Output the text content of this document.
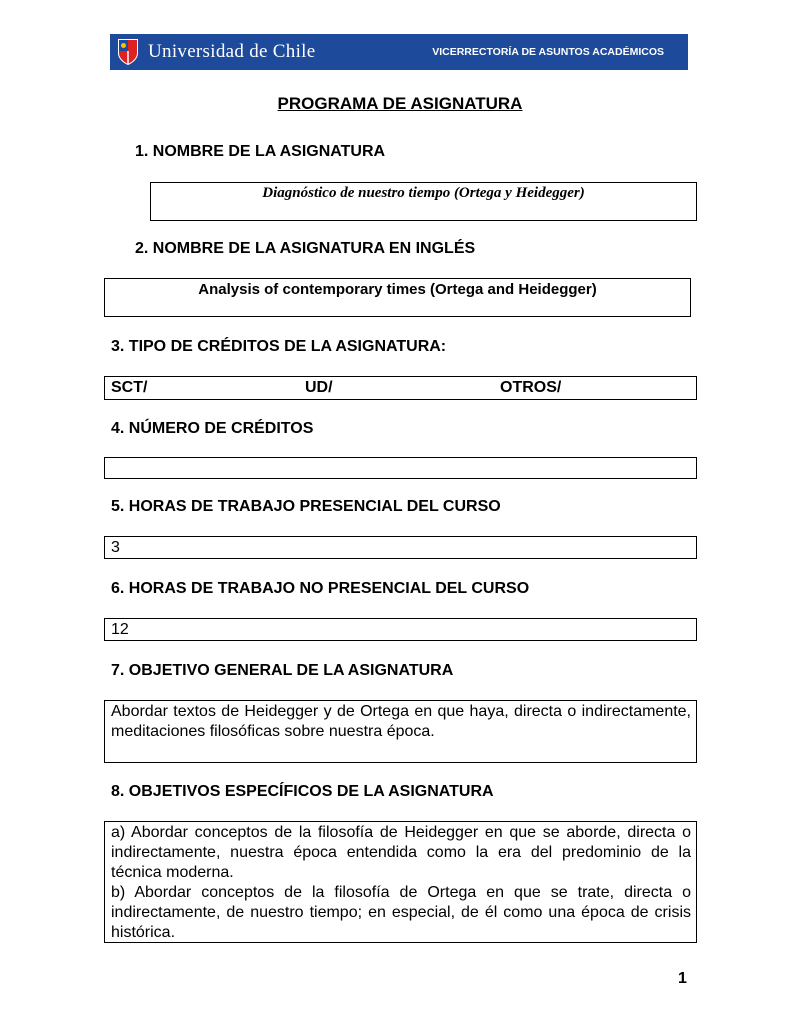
Universidad de Chile	VICERRECTORÍA DE ASUNTOS ACADÉMICOS
PROGRAMA DE ASIGNATURA
1. NOMBRE DE LA ASIGNATURA
Diagnóstico de nuestro tiempo (Ortega y Heidegger)
2. NOMBRE DE LA ASIGNATURA EN INGLÉS
Analysis of contemporary times (Ortega and Heidegger)
3. TIPO DE CRÉDITOS DE LA ASIGNATURA:
SCT/	UD/	OTROS/
4. NÚMERO DE CRÉDITOS
5. HORAS DE TRABAJO PRESENCIAL DEL CURSO
3
6. HORAS DE TRABAJO NO PRESENCIAL DEL CURSO
12
7. OBJETIVO GENERAL DE LA ASIGNATURA
Abordar textos de Heidegger y de Ortega en que haya, directa o indirectamente, meditaciones filosóficas sobre nuestra época.
8. OBJETIVOS ESPECÍFICOS DE LA ASIGNATURA
a) Abordar conceptos de la filosofía de Heidegger en que se aborde, directa o indirectamente, nuestra época entendida como la era del predominio de la técnica moderna.
b) Abordar conceptos de la filosofía de Ortega en que se trate, directa o indirectamente, de nuestro tiempo; en especial, de él como una época de crisis histórica.
1
